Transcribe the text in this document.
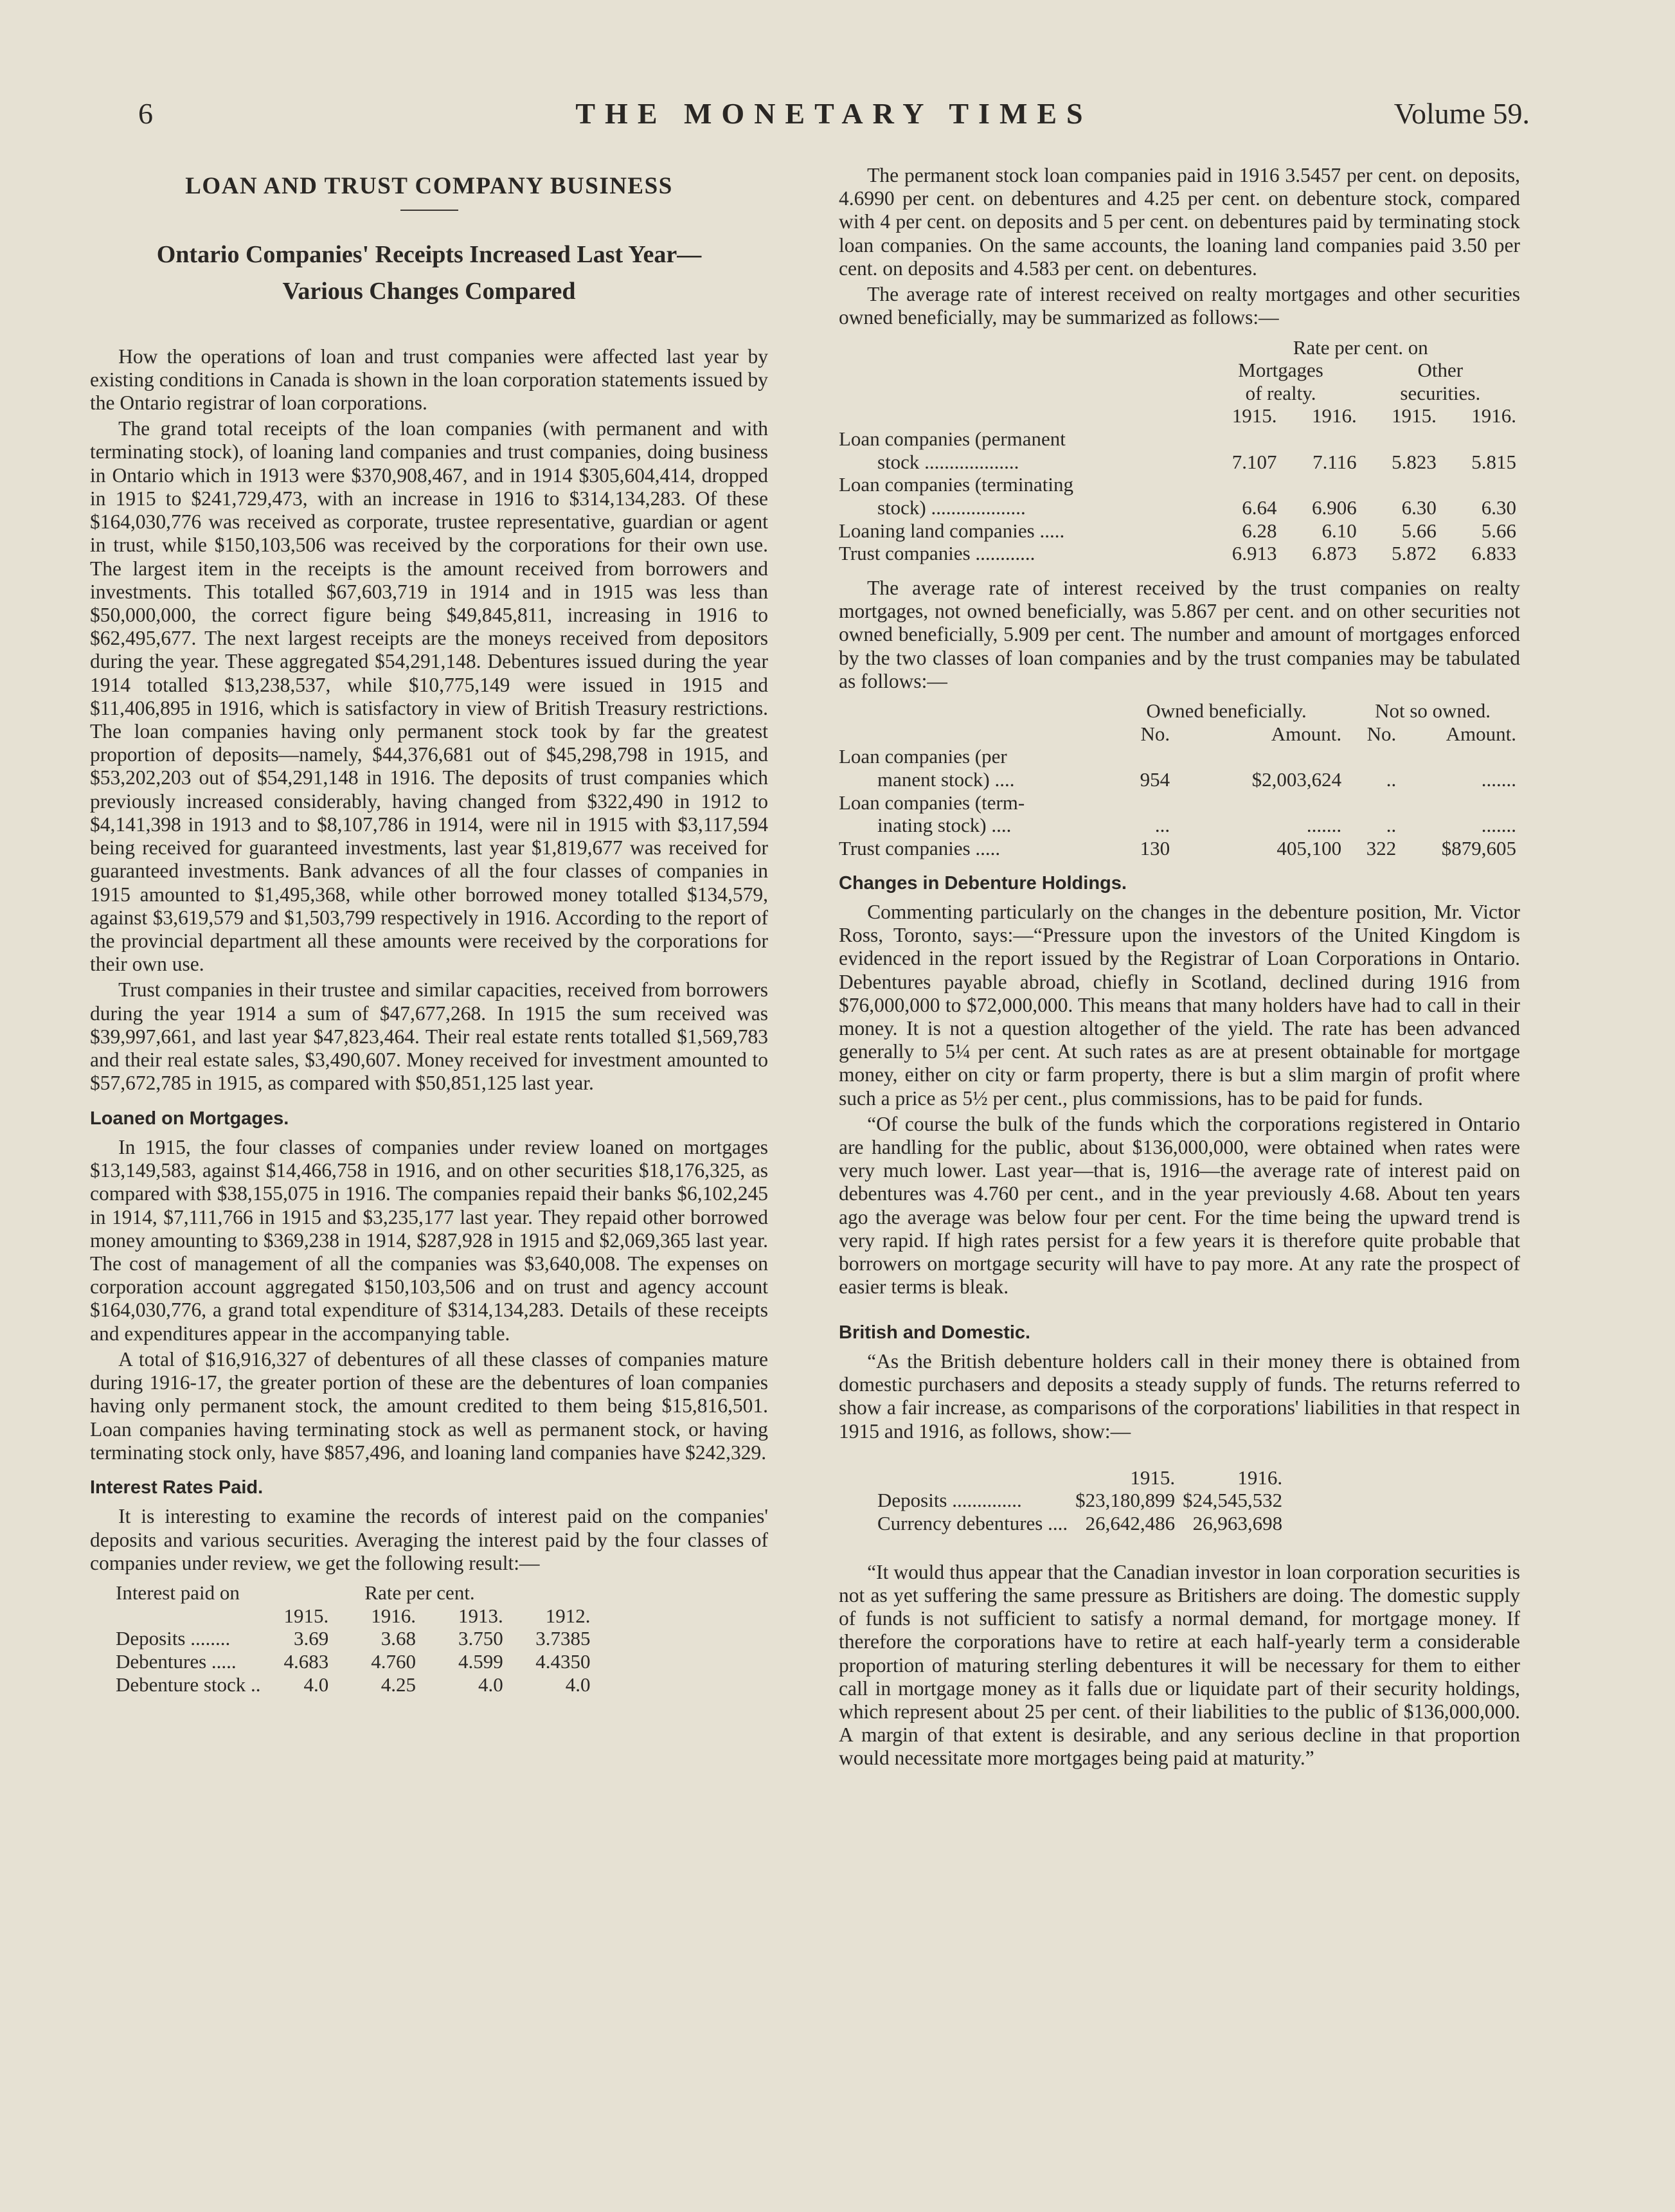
6	THE MONETARY TIMES	Volume 59.
LOAN AND TRUST COMPANY BUSINESS
Ontario Companies' Receipts Increased Last Year—
Various Changes Compared

How the operations of loan and trust companies were affected last year by existing conditions in Canada is shown in the loan corporation statements issued by the Ontario registrar of loan corporations.

The grand total receipts of the loan companies (with permanent and with terminating stock), of loaning land companies and trust companies, doing business in Ontario which in 1913 were $370,908,467, and in 1914 $305,604,414, dropped in 1915 to $241,729,473, with an increase in 1916 to $314,134,283. Of these $164,030,776 was received as corporate, trustee representative, guardian or agent in trust, while $150,103,506 was received by the corporations for their own use. The largest item in the receipts is the amount received from borrowers and investments. This totalled $67,603,719 in 1914 and in 1915 was less than $50,000,000, the correct figure being $49,845,811, increasing in 1916 to $62,495,677. The next largest receipts are the moneys received from depositors during the year. These aggregated $54,291,148. Debentures issued during the year 1914 totalled $13,238,537, while $10,775,149 were issued in 1915 and $11,406,895 in 1916, which is satisfactory in view of British Treasury restrictions. The loan companies having only permanent stock took by far the greatest proportion of deposits—namely, $44,376,681 out of $45,298,798 in 1915, and $53,202,203 out of $54,291,148 in 1916. The deposits of trust companies which previously increased considerably, having changed from $322,490 in 1912 to $4,141,398 in 1913 and to $8,107,786 in 1914, were nil in 1915 with $3,117,594 being received for guaranteed investments, last year $1,819,677 was received for guaranteed investments. Bank advances of all the four classes of companies in 1915 amounted to $1,495,368, while other borrowed money totalled $134,579, against $3,619,579 and $1,503,799 respectively in 1916. According to the report of the provincial department all these amounts were received by the corporations for their own use.

Trust companies in their trustee and similar capacities, received from borrowers during the year 1914 a sum of $47,677,268. In 1915 the sum received was $39,997,661, and last year $47,823,464. Their real estate rents totalled $1,569,783 and their real estate sales, $3,490,607. Money received for investment amounted to $57,672,785 in 1915, as compared with $50,851,125 last year.

Loaned on Mortgages.

In 1915, the four classes of companies under review loaned on mortgages $13,149,583, against $14,466,758 in 1916, and on other securities $18,176,325, as compared with $38,155,075 in 1916. The companies repaid their banks $6,102,245 in 1914, $7,111,766 in 1915 and $3,235,177 last year. They repaid other borrowed money amounting to $369,238 in 1914, $287,928 in 1915 and $2,069,365 last year. The cost of management of all the companies was $3,640,008. The expenses on corporation account aggregated $150,103,506 and on trust and agency account $164,030,776, a grand total expenditure of $314,134,283. Details of these receipts and expenditures appear in the accompanying table.

A total of $16,916,327 of debentures of all these classes of companies mature during 1916-17, the greater portion of these are the debentures of loan companies having only permanent stock, the amount credited to them being $15,816,501. Loan companies having terminating stock as well as permanent stock, or having terminating stock only, have $857,496, and loaning land companies have $242,329.

Interest Rates Paid.

It is interesting to examine the records of interest paid on the companies' deposits and various securities. Averaging the interest paid by the four classes of companies under review, we get the following result:—

Interest paid on		Rate per cent.		
	1915.	1916.	1913.	1912.
Deposits ........	3.69	3.68	3.750	3.7385
Debentures .....	4.683	4.760	4.599	4.4350
Debenture stock ..	4.0	4.25	4.0	4.0

The permanent stock loan companies paid in 1916 3.5457 per cent. on deposits, 4.6990 per cent. on debentures and 4.25 per cent. on debenture stock, compared with 4 per cent. on deposits and 5 per cent. on debentures paid by terminating stock loan companies. On the same accounts, the loaning land companies paid 3.50 per cent. on deposits and 4.583 per cent. on debentures.

The average rate of interest received on realty mortgages and other securities owned beneficially, may be summarized as follows:—

	Rate per cent. on			
	Mortgages		Other	
	of realty.		securities.	
	1915.	1916.	1915.	1916.
Loan companies (permanent
stock ...................	7.107	7.116	5.823	5.815
Loan companies (terminating
stock) ...................	6.64	6.906	6.30	6.30
Loaning land companies .....	6.28	6.10	5.66	5.66
Trust companies ............	6.913	6.873	5.872	6.833

The average rate of interest received by the trust companies on realty mortgages, not owned beneficially, was 5.867 per cent. and on other securities not owned beneficially, 5.909 per cent. The number and amount of mortgages enforced by the two classes of loan companies and by the trust companies may be tabulated as follows:—

	Owned beneficially.		Not so owned.	
	No.	Amount.	No.	Amount.
Loan companies (per
manent stock) ....	954	$2,003,624	..	.......
Loan companies (term-
inating stock) ....	...	.......	..	.......
Trust companies .....	130	405,100	322	$879,605
Changes in Debenture Holdings.

Commenting particularly on the changes in the debenture position, Mr. Victor Ross, Toronto, says:—“Pressure upon the investors of the United Kingdom is evidenced in the report issued by the Registrar of Loan Corporations in Ontario. Debentures payable abroad, chiefly in Scotland, declined during 1916 from $76,000,000 to $72,000,000. This means that many holders have had to call in their money. It is not a question altogether of the yield. The rate has been advanced generally to 5¼ per cent. At such rates as are at present obtainable for mortgage money, either on city or farm property, there is but a slim margin of profit where such a price as 5½ per cent., plus commissions, has to be paid for funds.

“Of course the bulk of the funds which the corporations registered in Ontario are handling for the public, about $136,000,000, were obtained when rates were very much lower. Last year—that is, 1916—the average rate of interest paid on debentures was 4.760 per cent., and in the year previously 4.68. About ten years ago the average was below four per cent. For the time being the upward trend is very rapid. If high rates persist for a few years it is therefore quite probable that borrowers on mortgage security will have to pay more. At any rate the prospect of easier terms is bleak.

British and Domestic.

“As the British debenture holders call in their money there is obtained from domestic purchasers and deposits a steady supply of funds. The returns referred to show a fair increase, as comparisons of the corporations' liabilities in that respect in 1915 and 1916, as follows, show:—

	1915.	1916.
Deposits ..............	$23,180,899	$24,545,532
Currency debentures ....	26,642,486	26,963,698

“It would thus appear that the Canadian investor in loan corporation securities is not as yet suffering the same pressure as Britishers are doing. The domestic supply of funds is not sufficient to satisfy a normal demand, for mortgage money. If therefore the corporations have to retire at each half-yearly term a considerable proportion of maturing sterling debentures it will be necessary for them to either call in mortgage money as it falls due or liquidate part of their security holdings, which represent about 25 per cent. of their liabilities to the public of $136,000,000. A margin of that extent is desirable, and any serious decline in that proportion would necessitate more mortgages being paid at maturity.”
